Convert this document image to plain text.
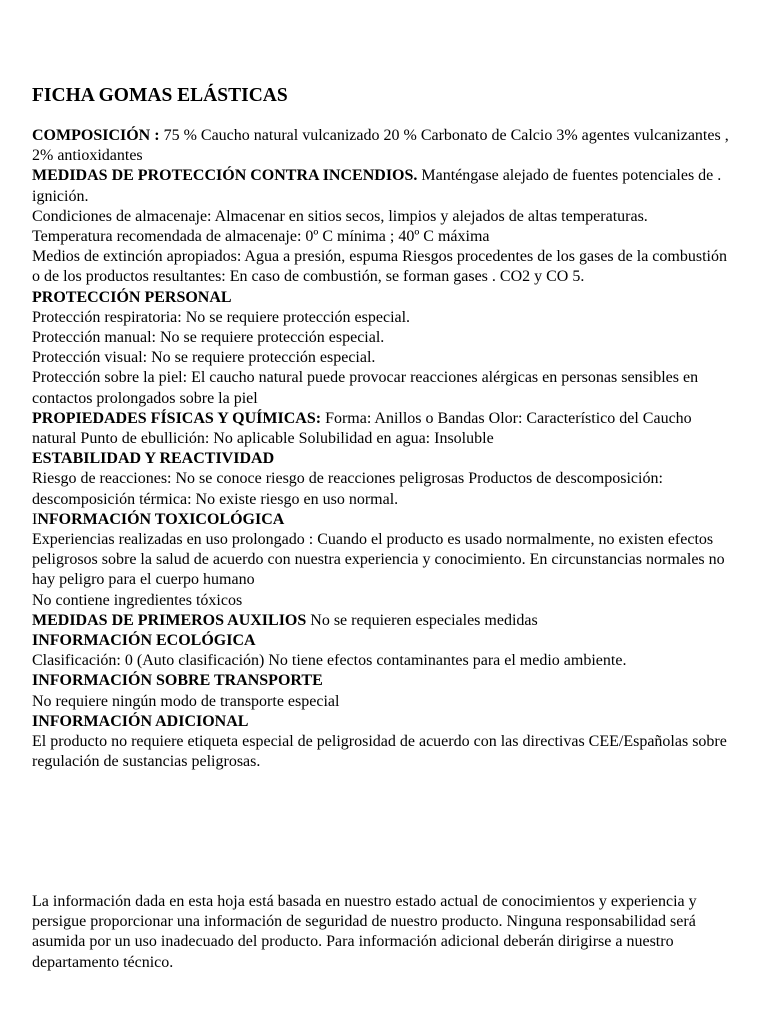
FICHA GOMAS ELÁSTICAS

COMPOSICIÓN : 75 % Caucho natural vulcanizado 20 % Carbonato de Calcio 3% agentes vulcanizantes , 2% antioxidantes

MEDIDAS DE PROTECCIÓN CONTRA INCENDIOS. Manténgase alejado de fuentes potenciales de . ignición.

Condiciones de almacenaje: Almacenar en sitios secos, limpios y alejados de altas temperaturas.

Temperatura recomendada de almacenaje: 0º C mínima ; 40º C máxima

Medios de extinción apropiados: Agua a presión, espuma Riesgos procedentes de los gases de la combustión o de los productos resultantes: En caso de combustión, se forman gases . CO2 y CO 5.

PROTECCIÓN PERSONAL

Protección respiratoria: No se requiere protección especial.

Protección manual: No se requiere protección especial.

Protección visual: No se requiere protección especial.

Protección sobre la piel: El caucho natural puede provocar reacciones alérgicas en personas sensibles en contactos prolongados sobre la piel

PROPIEDADES FÍSICAS Y QUÍMICAS: Forma: Anillos o Bandas Olor: Característico del Caucho natural Punto de ebullición: No aplicable Solubilidad en agua: Insoluble

ESTABILIDAD Y REACTIVIDAD

Riesgo de reacciones: No se conoce riesgo de reacciones peligrosas Productos de descomposición: descomposición térmica: No existe riesgo en uso normal.

INFORMACIÓN TOXICOLÓGICA

Experiencias realizadas en uso prolongado : Cuando el producto es usado normalmente, no existen efectos peligrosos sobre la salud de acuerdo con nuestra experiencia y conocimiento. En circunstancias normales no hay peligro para el cuerpo humano

No contiene ingredientes tóxicos

MEDIDAS DE PRIMEROS AUXILIOS No se requieren especiales medidas

INFORMACIÓN ECOLÓGICA

Clasificación: 0 (Auto clasificación) No tiene efectos contaminantes para el medio ambiente.

INFORMACIÓN SOBRE TRANSPORTE

No requiere ningún modo de transporte especial

INFORMACIÓN ADICIONAL

El producto no requiere etiqueta especial de peligrosidad de acuerdo con las directivas CEE/Españolas sobre regulación de sustancias peligrosas.

La información dada en esta hoja está basada en nuestro estado actual de conocimientos y experiencia y persigue proporcionar una información de seguridad de nuestro producto. Ninguna responsabilidad será asumida por un uso inadecuado del producto. Para información adicional deberán dirigirse a nuestro departamento técnico.
